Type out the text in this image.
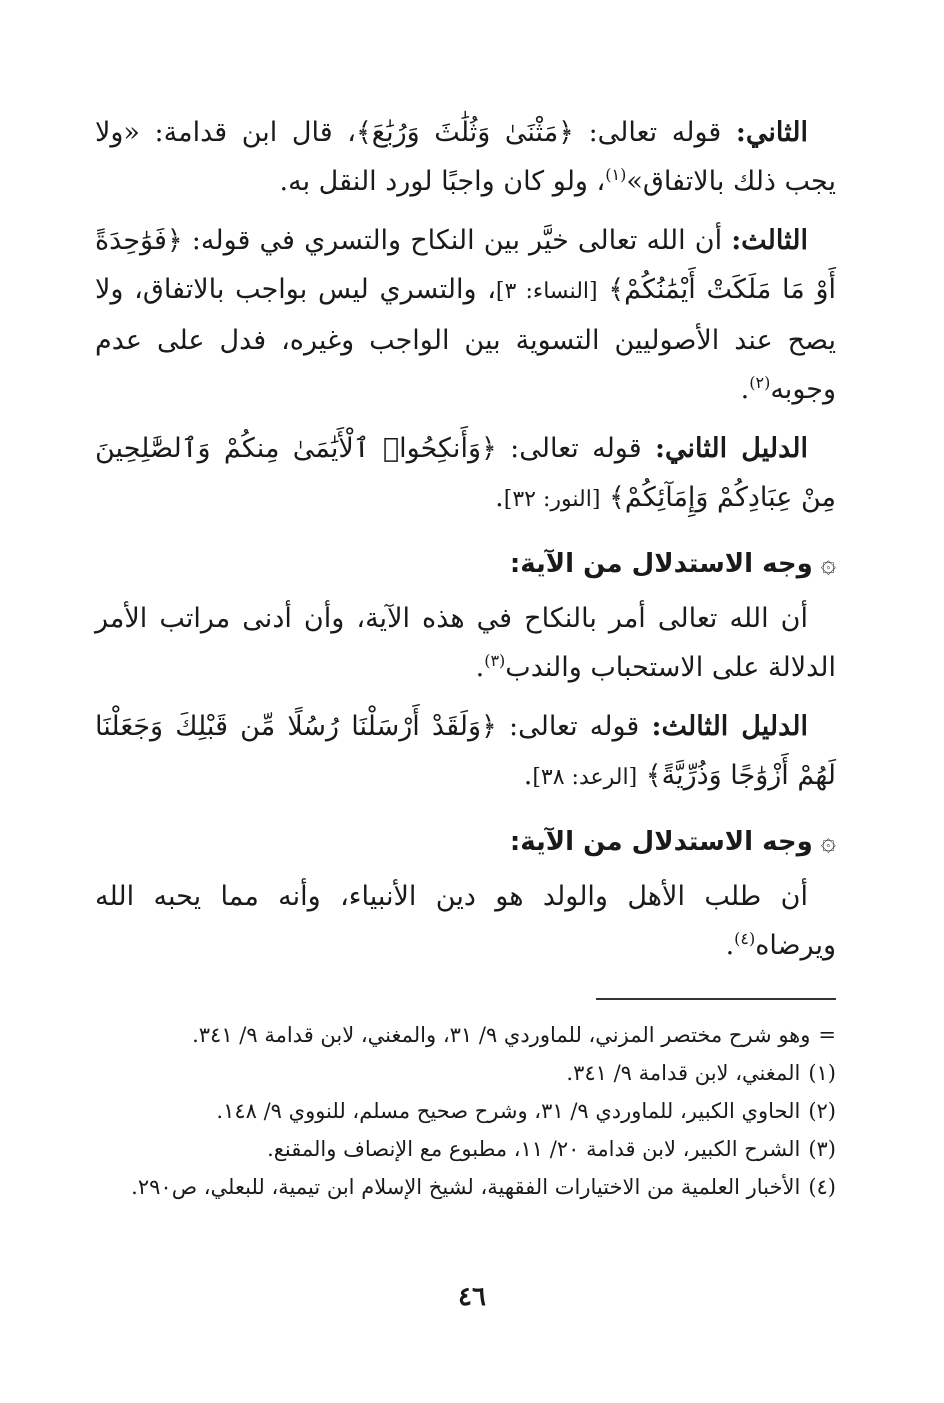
الثاني: قوله تعالى: ﴿مَثْنَىٰ وَثُلَٰثَ وَرُبَٰعَ﴾، قال ابن قدامة: «ولا يجب ذلك بالاتفاق»$^{(١)}$، ولو كان واجبًا لورد النقل به.

الثالث: أن الله تعالى خيَّر بين النكاح والتسري في قوله: ﴿فَوَٰحِدَةً أَوْ مَا مَلَكَتْ أَيْمَٰنُكُمْ﴾ [النساء: ٣]، والتسري ليس بواجب بالاتفاق، ولا يصح عند الأصوليين التسوية بين الواجب وغيره، فدل على عدم وجوبه$^{(٢)}$.

الدليل الثاني: قوله تعالى: ﴿وَأَنكِحُوا۟ ٱلْأَيَٰمَىٰ مِنكُمْ وَٱلصَّٰلِحِينَ مِنْ عِبَادِكُمْ وَإِمَآئِكُمْ﴾ [النور: ٣٢].

۞وجه الاستدلال من الآية:

أن الله تعالى أمر بالنكاح في هذه الآية، وأن أدنى مراتب الأمر الدلالة على الاستحباب والندب$^{(٣)}$.

الدليل الثالث: قوله تعالى: ﴿وَلَقَدْ أَرْسَلْنَا رُسُلًا مِّن قَبْلِكَ وَجَعَلْنَا لَهُمْ أَزْوَٰجًا وَذُرِّيَّةً﴾ [الرعد: ٣٨].

۞وجه الاستدلال من الآية:

أن طلب الأهل والولد هو دين الأنبياء، وأنه مما يحبه الله ويرضاه$^{(٤)}$.

=وهو شرح مختصر المزني، للماوردي ٩/ ٣١، والمغني، لابن قدامة ٩/ ٣٤١.
(١)المغني، لابن قدامة ٩/ ٣٤١.
(٢)الحاوي الكبير، للماوردي ٩/ ٣١، وشرح صحيح مسلم، للنووي ٩/ ١٤٨.
(٣)الشرح الكبير، لابن قدامة ٢٠/ ١١، مطبوع مع الإنصاف والمقنع.
(٤)الأخبار العلمية من الاختيارات الفقهية، لشيخ الإسلام ابن تيمية، للبعلي، ص٢٩٠.
٤٦
